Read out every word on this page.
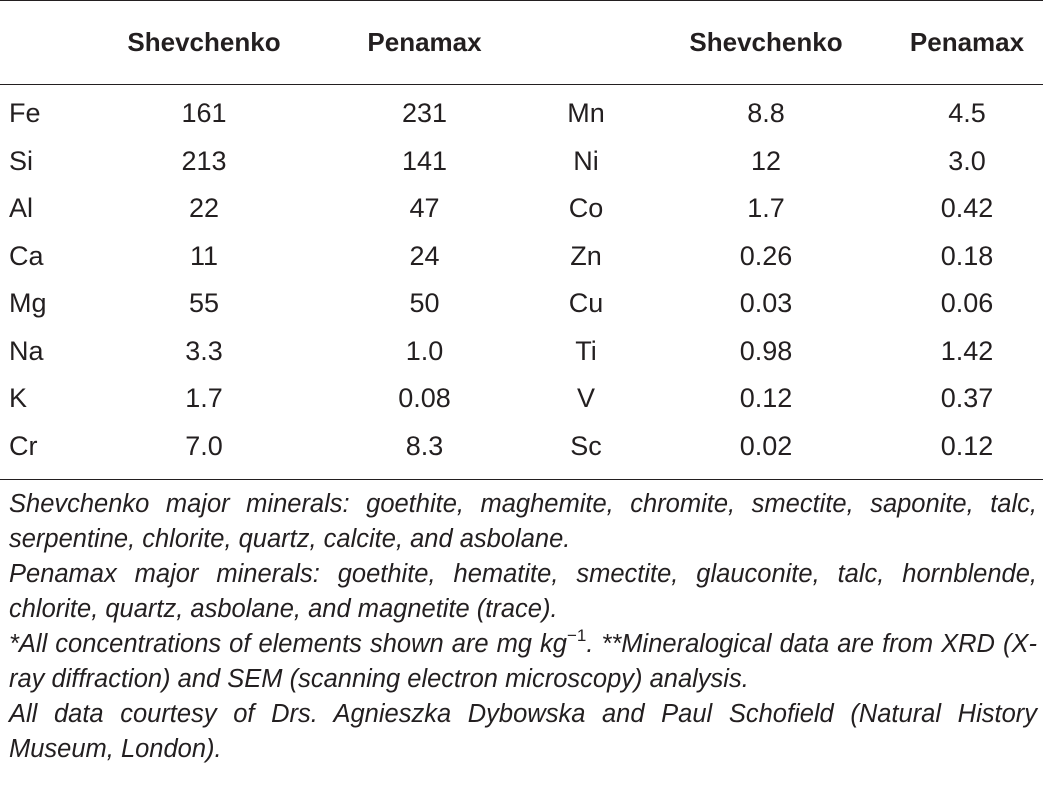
	Shevchenko	Penamax		Shevchenko	Penamax
Fe	161	231	Mn	8.8	4.5
Si	213	141	Ni	12	3.0
Al	22	47	Co	1.7	0.42
Ca	11	24	Zn	0.26	0.18
Mg	55	50	Cu	0.03	0.06
Na	3.3	1.0	Ti	0.98	1.42
K	1.7	0.08	V	0.12	0.37
Cr	7.0	8.3	Sc	0.02	0.12

Shevchenko major minerals: goethite, maghemite, chromite, smectite, saponite, talc, serpentine, chlorite, quartz, calcite, and asbolane.

Penamax major minerals: goethite, hematite, smectite, glauconite, talc, hornblende, chlorite, quartz, asbolane, and magnetite (trace).

*All concentrations of elements shown are mg $kg^{-1}$. **Mineralogical data are from XRD (X-ray diffraction) and SEM (scanning electron microscopy) analysis.

All data courtesy of Drs. Agnieszka Dybowska and Paul Schofield (Natural History Museum, London).
